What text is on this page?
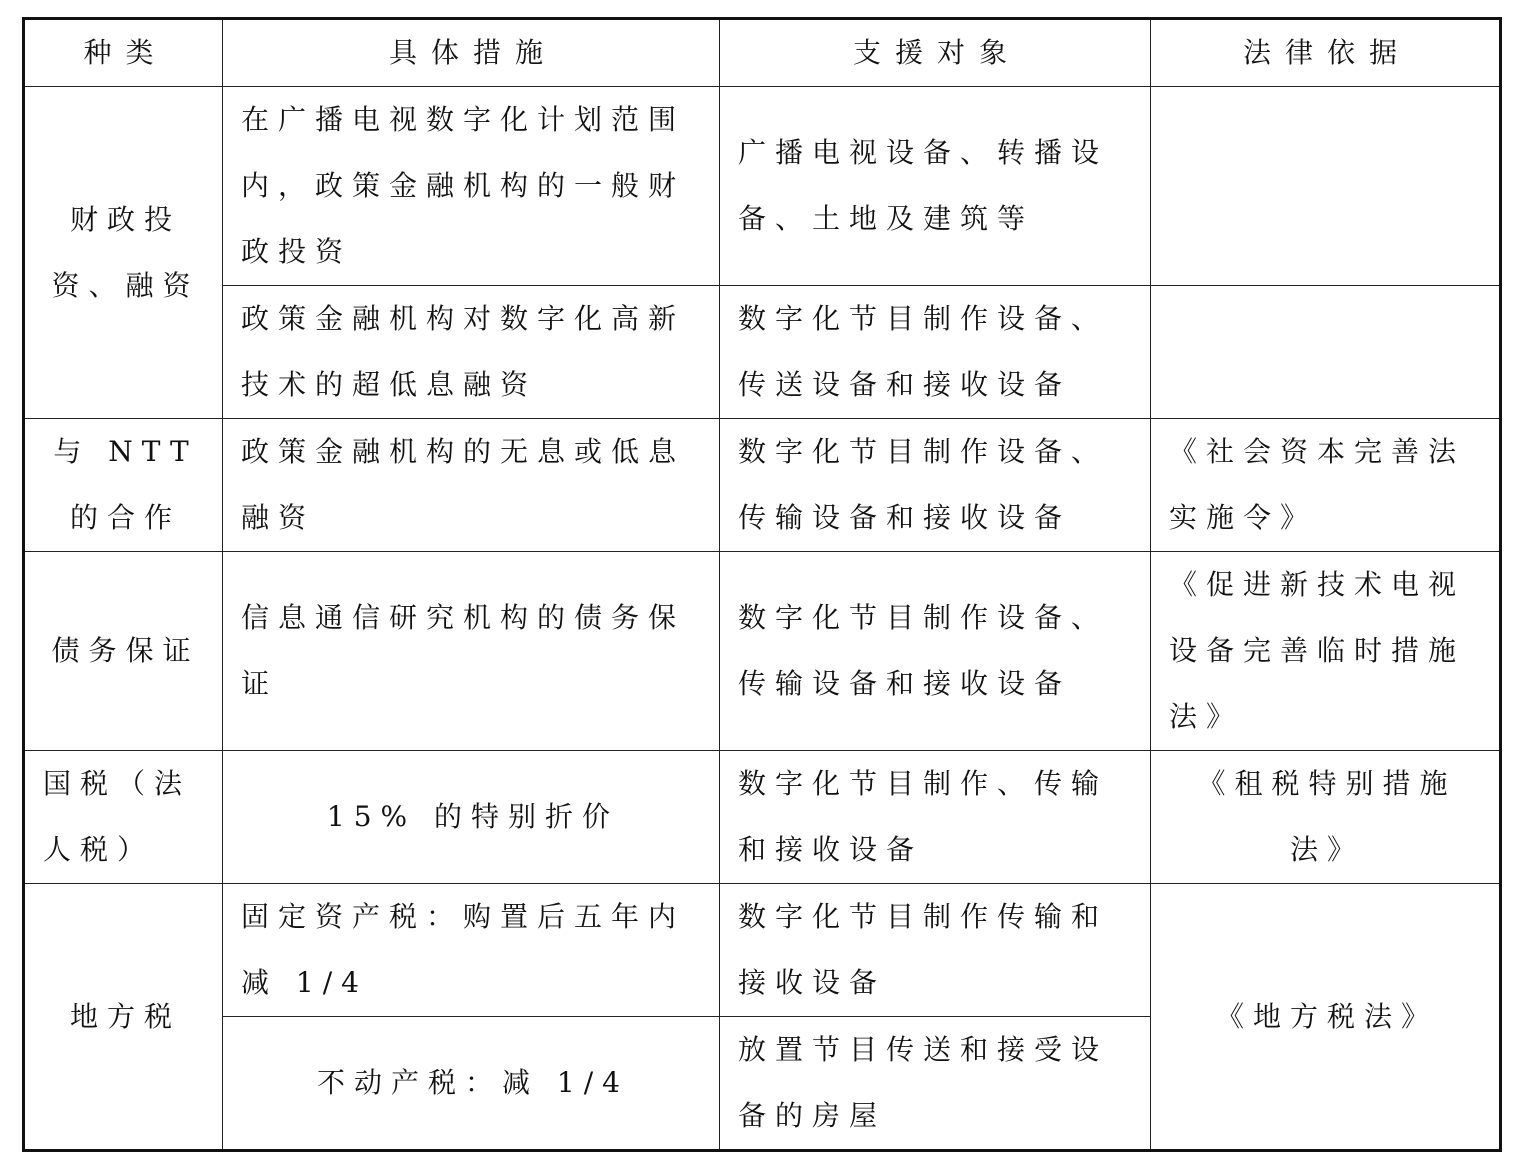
种类	具体措施	支援对象	法律依据
财政投资、融资	在广播电视数字化计划范围内，政策金融机构的一般财政投资	广播电视设备、转播设备、土地及建筑等	
	政策金融机构对数字化高新技术的超低息融资	数字化节目制作设备、传送设备和接收设备	
与 NTT 的合作	政策金融机构的无息或低息融资	数字化节目制作设备、传输设备和接收设备	《社会资本完善法实施令》
债务保证	信息通信研究机构的债务保证	数字化节目制作设备、传输设备和接收设备	《促进新技术电视设备完善临时措施法》
国税（法人税）	15% 的特别折价	数字化节目制作、传输和接收设备	《租税特别措施法》
地方税	固定资产税：购置后五年内减 1/4	数字化节目制作传输和接收设备	《地方税法》
	不动产税：减 1/4	放置节目传送和接受设备的房屋	
